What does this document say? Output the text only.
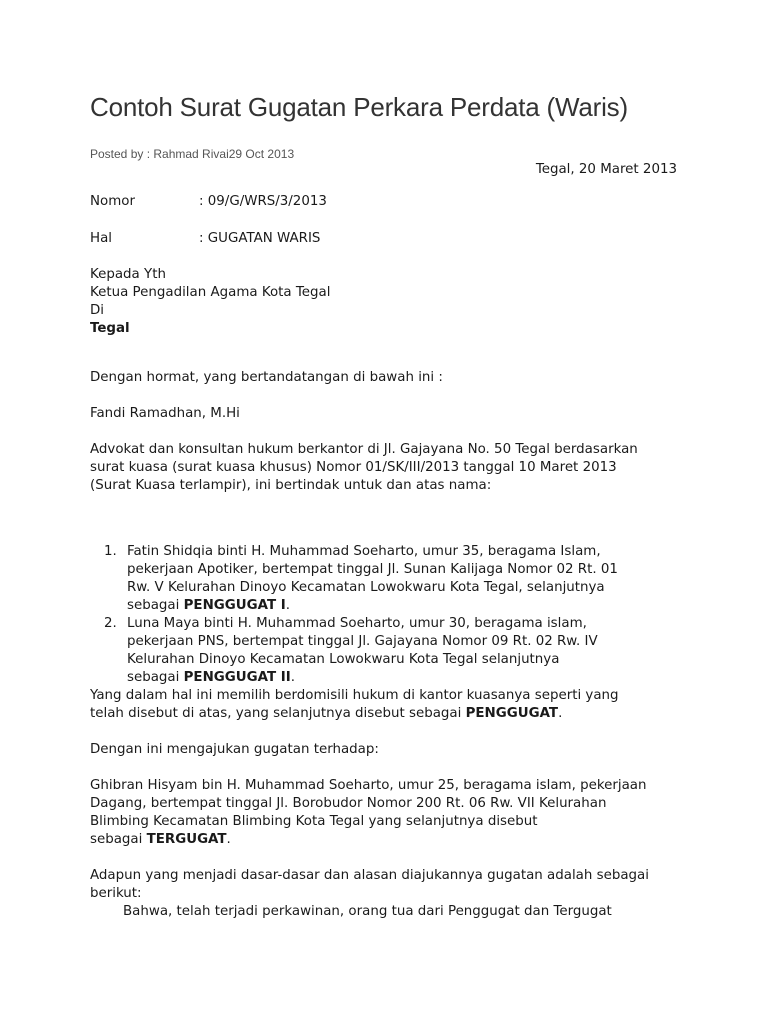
Contoh Surat Gugatan Perkara Perdata (Waris)
Posted by : Rahmad Rivai29 Oct 2013
Tegal, 20 Maret 2013
Nomor	: 09/G/WRS/3/2013
Hal	: GUGATAN WARIS
Kepada Yth
Ketua Pengadilan Agama Kota Tegal
Di
Tegal
Dengan hormat, yang bertandatangan di bawah ini :
Fandi Ramadhan, M.Hi
Advokat dan konsultan hukum berkantor di Jl. Gajayana No. 50 Tegal berdasarkan
surat kuasa (surat kuasa khusus) Nomor 01/SK/III/2013 tanggal 10 Maret 2013
(Surat Kuasa terlampir), ini bertindak untuk dan atas nama:
1. Fatin Shidqia binti H. Muhammad Soeharto, umur 35, beragama Islam,
pekerjaan Apotiker, bertempat tinggal Jl. Sunan Kalijaga Nomor 02 Rt. 01
Rw. V Kelurahan Dinoyo Kecamatan Lowokwaru Kota Tegal, selanjutnya
sebagai PENGGUGAT I.
2. Luna Maya binti H. Muhammad Soeharto, umur 30, beragama islam,
pekerjaan PNS, bertempat tinggal Jl. Gajayana Nomor 09 Rt. 02 Rw. IV
Kelurahan Dinoyo Kecamatan Lowokwaru Kota Tegal selanjutnya
sebagai PENGGUGAT II.
Yang dalam hal ini memilih berdomisili hukum di kantor kuasanya seperti yang
telah disebut di atas, yang selanjutnya disebut sebagai PENGGUGAT.
Dengan ini mengajukan gugatan terhadap:
Ghibran Hisyam bin H. Muhammad Soeharto, umur 25, beragama islam, pekerjaan
Dagang, bertempat tinggal Jl. Borobudor Nomor 200 Rt. 06 Rw. VII Kelurahan
Blimbing Kecamatan Blimbing Kota Tegal yang selanjutnya disebut
sebagai TERGUGAT.
Adapun yang menjadi dasar-dasar dan alasan diajukannya gugatan adalah sebagai
berikut:
Bahwa, telah terjadi perkawinan, orang tua dari Penggugat dan Tergugat
